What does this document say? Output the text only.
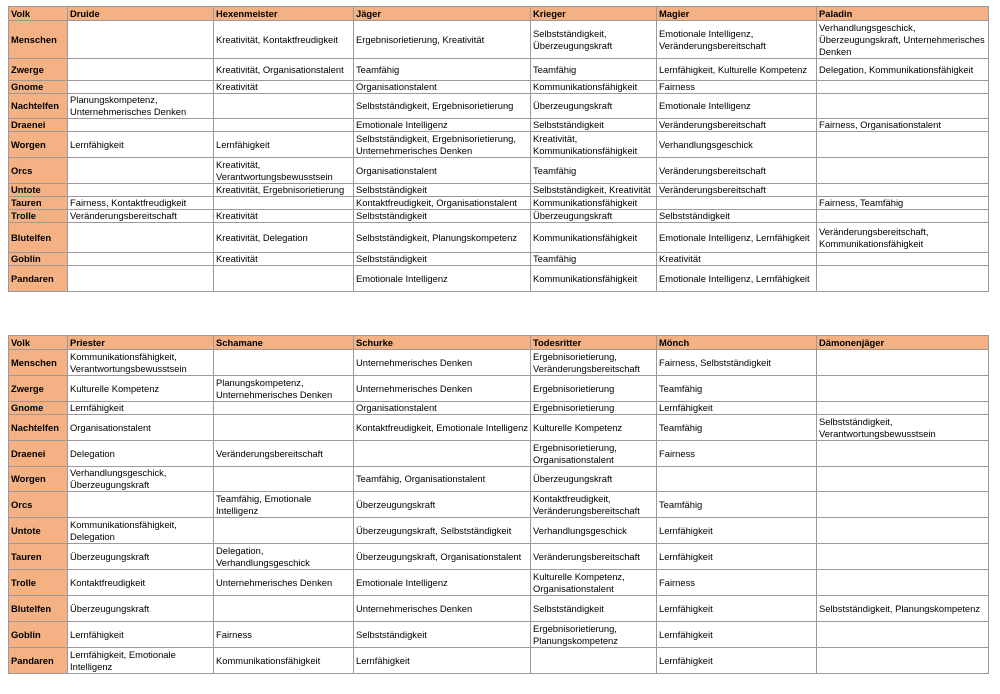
Volk	Druide	Hexenmeister	Jäger	Krieger	Magier	Paladin
Menschen		Kreativität, Kontaktfreudigkeit	Ergebnisorietierung, Kreativität	Selbstständigkeit, Überzeugungskraft	Emotionale Intelligenz, Veränderungsbereitschaft	Verhandlungsgeschick, Überzeugungskraft, Unternehmerisches Denken
Zwerge		Kreativität, Organisationstalent	Teamfähig	Teamfähig	Lernfähigkeit, Kulturelle Kompetenz	Delegation, Kommunikationsfähigkeit
Gnome		Kreativität	Organisationstalent	Kommunikationsfähigkeit	Fairness	
Nachtelfen	Planungskompetenz, Unternehmerisches Denken		Selbstständigkeit, Ergebnisorietierung	Überzeugungskraft	Emotionale Intelligenz	
Draenei			Emotionale Intelligenz	Selbstständigkeit	Veränderungsbereitschaft	Fairness, Organisationstalent
Worgen	Lernfähigkeit	Lernfähigkeit	Selbstständigkeit, Ergebnisorietierung, Unternehmerisches Denken	Kreativität, Kommunikationsfähigkeit	Verhandlungsgeschick	
Orcs		Kreativität, Verantwortungsbewusstsein	Organisationstalent	Teamfähig	Veränderungsbereitschaft	
Untote		Kreativität, Ergebnisorietierung	Selbstständigkeit	Selbstständigkeit, Kreativität	Veränderungsbereitschaft	
Tauren	Fairness, Kontaktfreudigkeit		Kontaktfreudigkeit, Organisationstalent	Kommunikationsfähigkeit		Fairness, Teamfähig
Trolle	Veränderungsbereitschaft	Kreativität	Selbstständigkeit	Überzeugungskraft	Selbstständigkeit	
Blutelfen		Kreativität, Delegation	Selbstständigkeit, Planungskompetenz	Kommunikationsfähigkeit	Emotionale Intelligenz, Lernfähigkeit	Veränderungsbereitschaft, Kommunikationsfähigkeit
Goblin		Kreativität	Selbstständigkeit	Teamfähig	Kreativität	
Pandaren			Emotionale Intelligenz	Kommunikationsfähigkeit	Emotionale Intelligenz, Lernfähigkeit	
Volk	Priester	Schamane	Schurke	Todesritter	Mönch	Dämonenjäger
Menschen	Kommunikationsfähigkeit, Verantwortungsbewusstsein		Unternehmerisches Denken	Ergebnisorietierung, Veränderungsbereitschaft	Fairness, Selbstständigkeit	
Zwerge	Kulturelle Kompetenz	Planungskompetenz, Unternehmerisches Denken	Unternehmerisches Denken	Ergebnisorietierung	Teamfähig	
Gnome	Lernfähigkeit		Organisationstalent	Ergebnisorietierung	Lernfähigkeit	
Nachtelfen	Organisationstalent		Kontaktfreudigkeit, Emotionale Intelligenz	Kulturelle Kompetenz	Teamfähig	Selbstständigkeit, Verantwortungsbewusstsein
Draenei	Delegation	Veränderungsbereitschaft		Ergebnisorietierung, Organisationstalent	Fairness	
Worgen	Verhandlungsgeschick, Überzeugungskraft		Teamfähig, Organisationstalent	Überzeugungskraft		
Orcs		Teamfähig, Emotionale Intelligenz	Überzeugungskraft	Kontaktfreudigkeit, Veränderungsbereitschaft	Teamfähig	
Untote	Kommunikationsfähigkeit, Delegation		Überzeugungskraft, Selbstständigkeit	Verhandlungsgeschick	Lernfähigkeit	
Tauren	Überzeugungskraft	Delegation, Verhandlungsgeschick	Überzeugungskraft, Organisationstalent	Veränderungsbereitschaft	Lernfähigkeit	
Trolle	Kontaktfreudigkeit	Unternehmerisches Denken	Emotionale Intelligenz	Kulturelle Kompetenz, Organisationstalent	Fairness	
Blutelfen	Überzeugungskraft		Unternehmerisches Denken	Selbstständigkeit	Lernfähigkeit	Selbstständigkeit, Planungskompetenz
Goblin	Lernfähigkeit	Fairness	Selbstständigkeit	Ergebnisorietierung, Planungskompetenz	Lernfähigkeit	
Pandaren	Lernfähigkeit, Emotionale Intelligenz	Kommunikationsfähigkeit	Lernfähigkeit		Lernfähigkeit	
